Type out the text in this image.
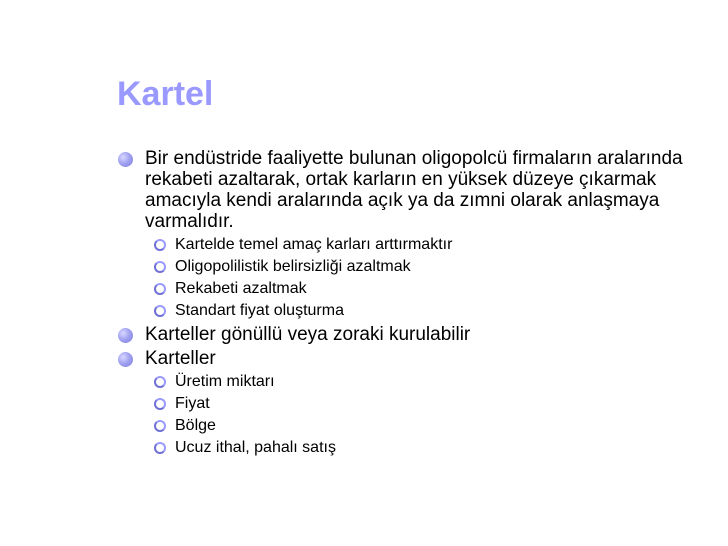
Kartel
Bir endüstride faaliyette bulunan oligopolcü firmaların aralarında rekabeti azaltarak, ortak karların en yüksek düzeye çıkarmak amacıyla kendi aralarında açık ya da zımni olarak anlaşmaya varmalıdır.
Kartelde temel amaç karları arttırmaktır
Oligopolilistik belirsizliği azaltmak
Rekabeti azaltmak
Standart fiyat oluşturma
Karteller gönüllü veya zoraki kurulabilir
Karteller
Üretim miktarı
Fiyat
Bölge
Ucuz ithal, pahalı satış
